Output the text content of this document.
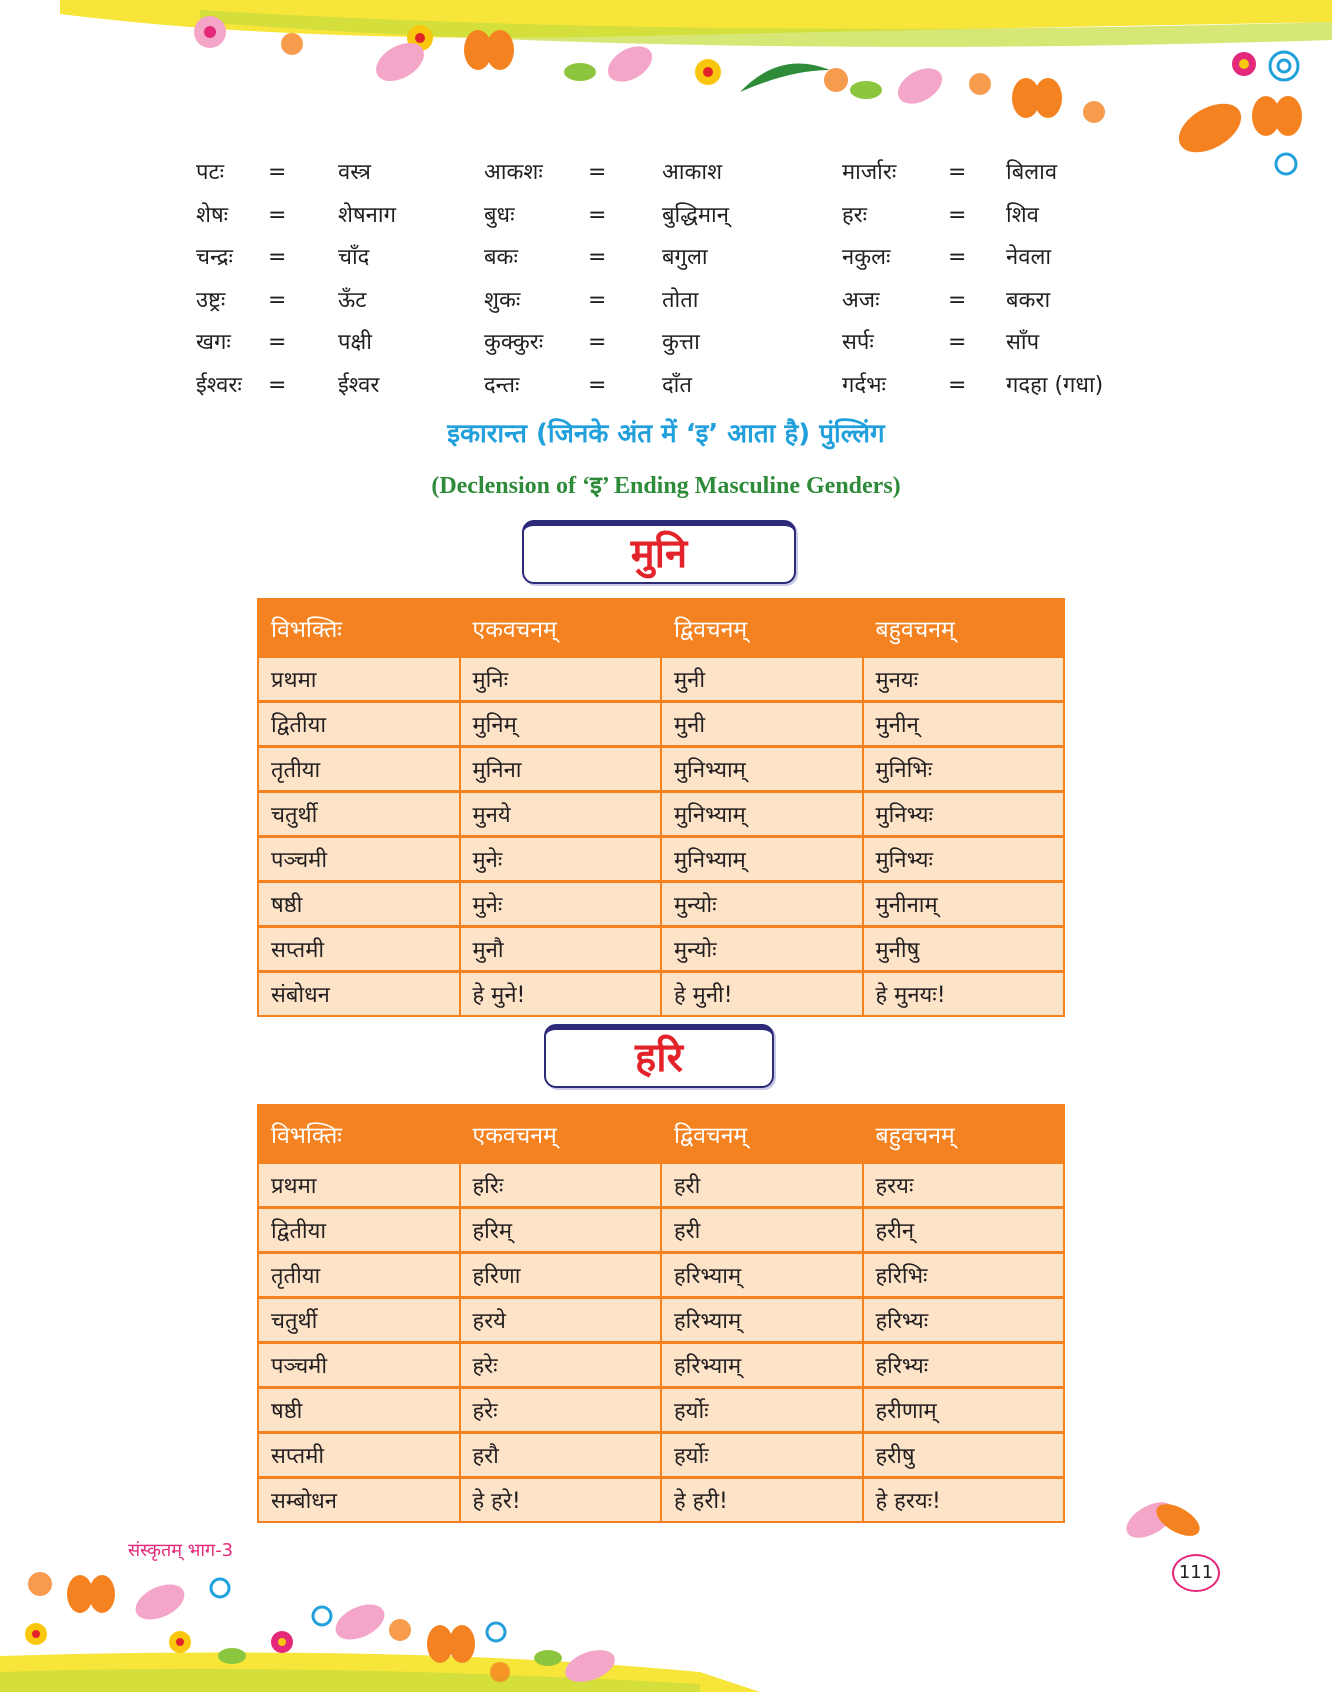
पटः = वस्त्र	आकशः =	आकाश	मार्जारः = बिलाव
शेषः = शेषनाग	बुधः	=	बुद्धिमान्	हरः	= शिव
चन्द्रः = चाँद	बकः	=	बगुला	नकुलः	= नेवला
उष्ट्रः = ऊँट	शुकः	=	तोता	अजः	= बकरा
खगः = पक्षी	कुक्कुरः =	कुत्ता	सर्पः	= साँप
ईश्वरः = ईश्वर	दन्तः	=	दाँत	गर्दभः	= गदहा (गधा)
इकारान्त (जिनके अंत में ‘इ’ आता है) पुंल्लिंग
(Declension of ‘इ’ Ending Masculine Genders)
मुनि
विभक्तिः	एकवचनम्	द्विवचनम्	बहुवचनम्
प्रथमा	मुनिः	मुनी	मुनयः
द्वितीया	मुनिम्	मुनी	मुनीन्
तृतीया	मुनिना	मुनिभ्याम्	मुनिभिः
चतुर्थी	मुनये	मुनिभ्याम्	मुनिभ्यः
पञ्चमी	मुनेः	मुनिभ्याम्	मुनिभ्यः
षष्ठी	मुनेः	मुन्योः	मुनीनाम्
सप्तमी	मुनौ	मुन्योः	मुनीषु
संबोधन	हे मुने!	हे मुनी!	हे मुनयः!
हरि
विभक्तिः	एकवचनम्	द्विवचनम्	बहुवचनम्
प्रथमा	हरिः	हरी	हरयः
द्वितीया	हरिम्	हरी	हरीन्
तृतीया	हरिणा	हरिभ्याम्	हरिभिः
चतुर्थी	हरये	हरिभ्याम्	हरिभ्यः
पञ्चमी	हरेः	हरिभ्याम्	हरिभ्यः
षष्ठी	हरेः	हर्योः	हरीणाम्
सप्तमी	हरौ	हर्योः	हरीषु
सम्बोधन	हे हरे!	हे हरी!	हे हरयः!
संस्कृतम् भाग-3
111
